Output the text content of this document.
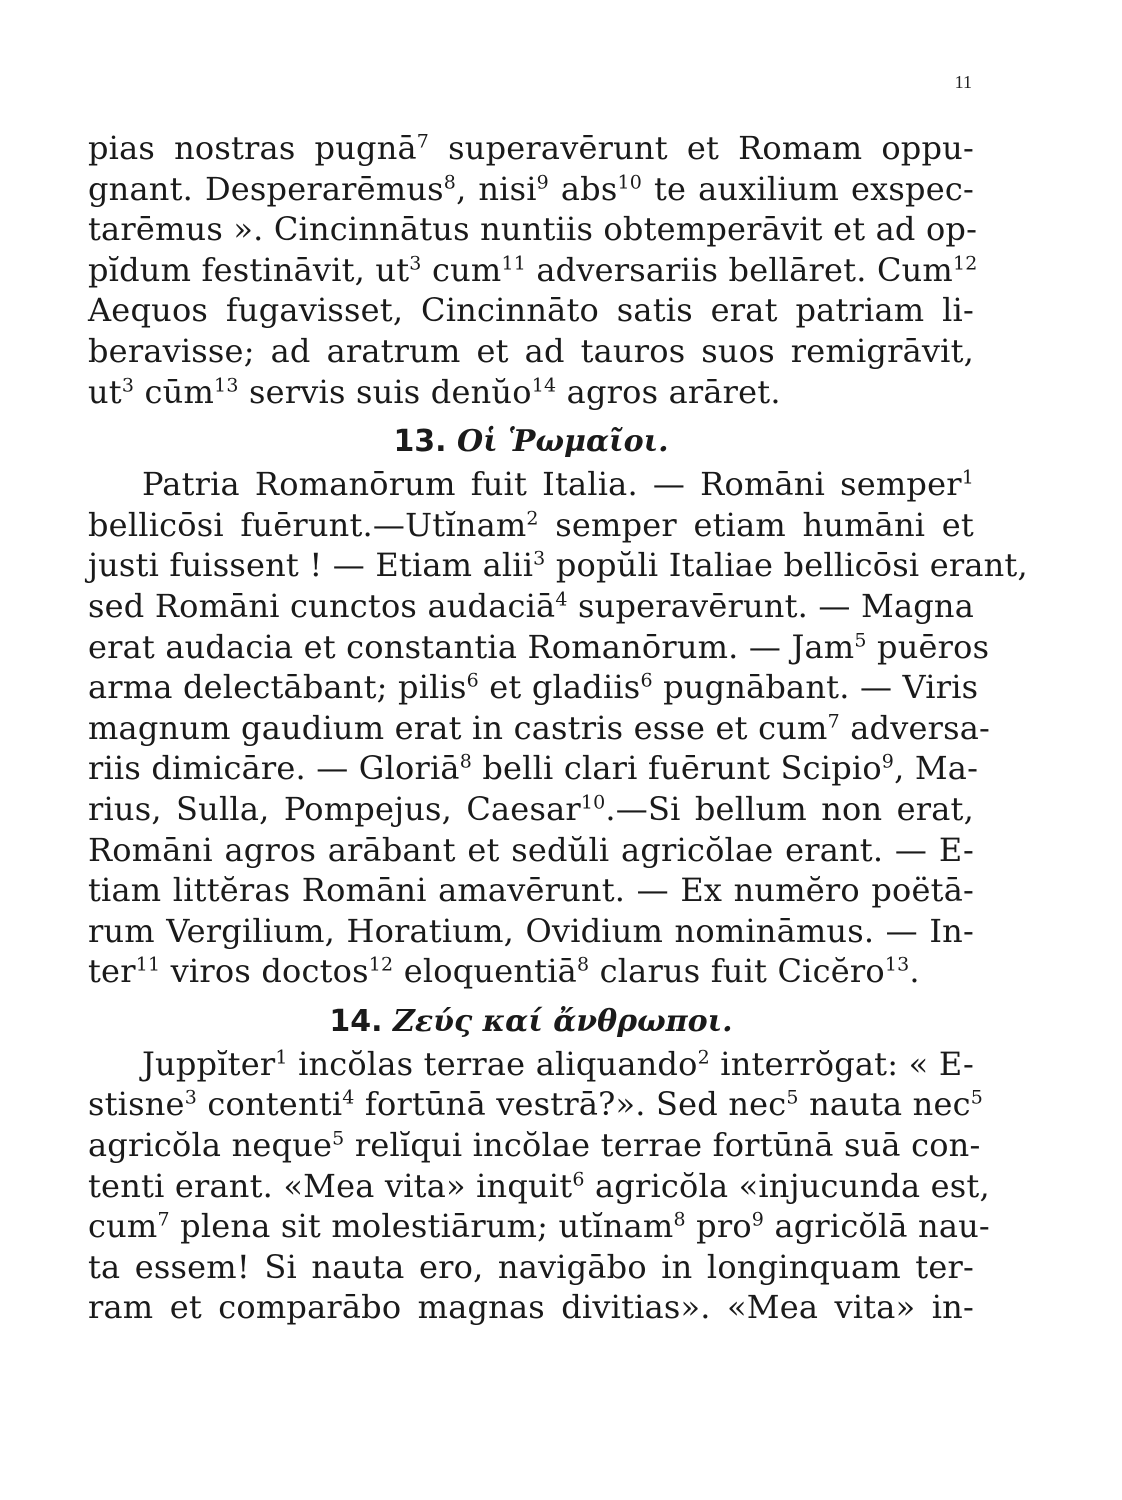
11
pias nostras pugnā$^7$ superavērunt et Romam oppu-
gnant. Desperarēmus$^8$, nisi$^9$ abs$^{10}$ te auxilium exspec-
tarēmus ». Cincinnātus nuntiis obtemperāvit et ad op-
pĭdum festināvit, $ut^3$ cum$^{11}$ adversariis bellāret. Cum$^{12}$
Aequos fugavisset, Cincinnāto satis erat patriam li-
beravisse; ad aratrum et ad tauros suos remigrāvit,
$ut^3$ cūm$^{13}$ servis suis denŭo$^{14}$ agros arāret.
13. Οἱ Ῥωμαῖοι.
Patria Romanōrum fuit Italia. — Romāni semper$^1$
bellicōsi fuērunt.—Utĭnam$^2$ semper etiam humāni et
justi fuissent ! — Etiam alii$^3$ popŭli Italiae bellicōsi erant,
sed Romāni cunctos audaciā$^4$ superavērunt. — Magna
erat audacia et constantia Romanōrum. — Jam$^5$ puēros
arma delectābant; pilis$^6$ et gladiis$^6$ pugnābant. — Viris
magnum gaudium erat in castris esse et cum$^7$ adversa-
riis dimicāre. — Gloriā$^8$ belli clari fuērunt Scipio$^9$, Ma-
rius, Sulla, Pompejus, Caesar$^{10}$.—Si bellum non erat,
Romāni agros arābant et sedŭli agricŏlae erant. — E-
tiam littĕras Romāni amavērunt. — Ex numĕro poëtā-
rum Vergilium, Horatium, Ovidium nomināmus. — In-
ter$^{11}$ viros doctos$^{12}$ eloquentiā$^8$ clarus fuit Cicĕro$^{13}$.
14. Ζεύς καί ἄνθρωποι.
Juppĭter$^1$ incŏlas terrae aliquando$^2$ interrŏgat: « E-
stisne$^3$ contenti$^4$ fortūnā vestrā?». Sed nec$^5$ nauta nec$^5$
agricŏla neque$^5$ relĭqui incŏlae terrae fortūnā suā con-
tenti erant. «Mea vita» inquit$^6$ agricŏla «injucunda est,
cum$^7$ plena sit molestiārum; utĭnam$^8$ pro$^9$ agricŏlā nau-
ta essem! Si nauta ero, navigābo in longinquam ter-
ram et comparābo magnas divitias». «Mea vita» in-
